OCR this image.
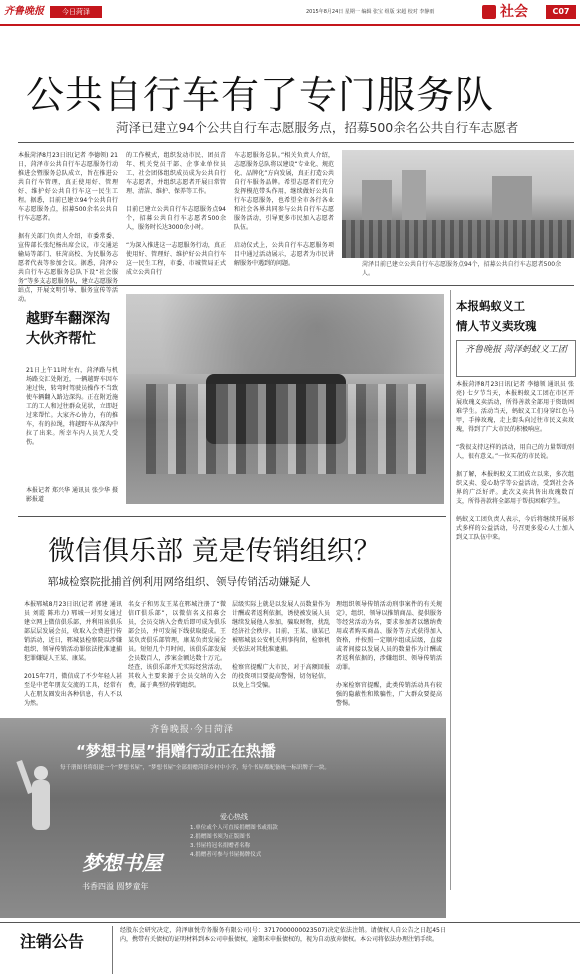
齐鲁晚报	今日菏泽	2015年8月24日 星期一 编辑 张宝 组版 宋超 校对 李静雨	社会	C07
公共自行车有了专门服务队
菏泽已建立94个公共自行车志愿服务点，招募500余名公共自行车志愿者
本报菏泽8月23日讯(记者 李德领) 21日，菏泽市公共自行车志愿服务行动推进会暨服务总队成立，旨在推进公共自行车管理，真正使用好、管理好、维护好公共自行车这一民生工程。据悉，目前已建立94个公共自行车志愿服务点，招募500余名公共自行车志愿者。

据有关部门负责人介绍，市委常委、宣传部长张纪杨出席会议，市交通运输局等部门、驻菏高校、为民服务志愿者代表等参加会议。据悉，菏泽公共自行车志愿服务总队下设“社会服务”等多支志愿服务队，建立志愿服务站点，开展文明引导、服务宣传等活动。
的工作模式，组织发动市民、团员青年、机关党员干部、企事业单位员工、社会团体组织成员成为公共自行车志愿者，并组织志愿者开展日常管理、清洁、维护、保养等工作。

目前已建立公共自行车志愿服务点94个，招募公共自行车志愿者500余人，服务时长达3000余小时。

“为深入推进这一志愿服务行动，真正使用好、管理好、维护好公共自行车这一民生工程，市委、市城管局正式成立公共自行
车志愿服务总队。”相关负责人介绍，志愿服务总队将以建设“专业化、规范化、品牌化”方向发展，真正打造公共自行车服务品牌。希望志愿者们充分发挥模范带头作用，继续做好公共自行车志愿服务，也希望全市各行各业和社会各界共同参与公共自行车志愿服务活动，引导更多市民加入志愿者队伍。

启动仪式上，公共自行车志愿服务项目中通过活动展示，志愿者为市民讲解服务中遇到的问题。	菏泽目前已建立公共自行车志愿服务点94个，招募公共自行车志愿者500余人。
越野车翻深沟
大伙齐帮忙
21日上午11时左右，菏泽路与机场路交汇处附近，一辆越野车因车速过快，转弯时驾驶员操作不当致使车辆翻入路边深沟。正在附近施工的工人和过往群众见状，立即赶过来帮忙。大家齐心协力，有的推车，有的拉绳，将越野车从深沟中拉了出来。所幸车内人员无人受伤。
本报记者 郑兴华 通讯员 张少华 摄影报道
本报蚂蚁义工
情人节义卖玫瑰
齐鲁晚报 菏泽蚂蚁义工团
本报菏泽8月23日讯(记者 李德领 通讯员 张亮) 七夕节当天，本报蚂蚁义工团在市区开展玫瑰义卖活动，所得善款全部用于资助困难学生。活动当天，蚂蚁义工们身穿红色马甲，手捧玫瑰，走上街头向过往市民义卖玫瑰，得到了广大市民的积极响应。

“我很支持这样的活动，用自己的力量帮助别人，很有意义。”一位买花的市民说。

据了解，本报蚂蚁义工团成立以来，多次组织义卖、爱心助学等公益活动，受到社会各界的广泛好评。此次义卖共售出玫瑰数百支，所得善款将全部用于帮扶困难学生。

蚂蚁义工团负责人表示，今后将继续开展形式多样的公益活动，号召更多爱心人士加入到义工队伍中来。
微信俱乐部 竟是传销组织？
郓城检察院批捕首例利用网络组织、领导传销活动嫌疑人
本报郓城8月23日讯(记者 郭建 通讯员 刘霞 陈玮力) 郓城一对男女通过建立网上微信俱乐部，并利用该俱乐部层层发展会员，收取入会费进行传销活动，近日，郓城县检察院以涉嫌组织、领导传销活动罪依法批准逮捕犯罪嫌疑人王某、康某。

2015年7月，微信成了不少年轻人甚至是中老年朋友交流的工具，经常有人在朋友圈发出各种信息，有人不以为然。
名女子和男友王某在郓城注册了“微信IT俱乐部”，以微信名义招募会员，会员交纳入会费后即可成为俱乐部会员，并可发展下线获取提成。王某负责俱乐部管理，康某负责发展会员。短短几个月时间，该俱乐部发展会员数百人，涉案金额达数十万元。经查，该俱乐部并无实际经营活动，其收入主要来源于会员交纳的入会费，属于典型的传销组织。
层级实际上就是以发展人员数量作为计酬或者返利依据，诱使被发展人员继续发展他人参加，骗取财物，扰乱经济社会秩序。目前，王某、康某已被郓城县公安机关刑事拘留，检察机关依法对其批准逮捕。

检察官提醒广大市民，对于高额回报的投资项目要提高警惕，切勿轻信，以免上当受骗。
理组织领导传销活动刑事案件的有关规定》，组织、领导以推销商品、提供服务等经营活动为名，要求参加者以缴纳费用或者购买商品、服务等方式获得加入资格，并按照一定顺序组成层级，直接或者间接以发展人员的数量作为计酬或者返利依据的，涉嫌组织、领导传销活动罪。

办案检察官提醒，此类传销活动具有较强的隐蔽性和欺骗性，广大群众要提高警惕。
齐鲁晚报·今日菏泽
“梦想书屋”捐赠行动正在热播
每千册图书将组建一个“梦想书屋”，“梦想书屋”全部捐赠菏泽乡村中小学，每个书屋都配备统一标识牌子一块。
爱心热线
1.单位或个人可直接捐赠图书或捐款
2.捐赠图书须为正版图书
3.书屋将冠名捐赠者名称
4.捐赠者可参与书屋揭牌仪式
梦想书屋
书香四溢 圆梦童年
注销公告
经股东会研究决定，菏泽康悦劳务服务有限公司(号：3717000000023507)决定依法注销。请债权人自公告之日起45日内，携带有关债权的证明材料到本公司申报债权，逾期未申报债权的，视为自动放弃债权。本公司将依法办理注销手续。
